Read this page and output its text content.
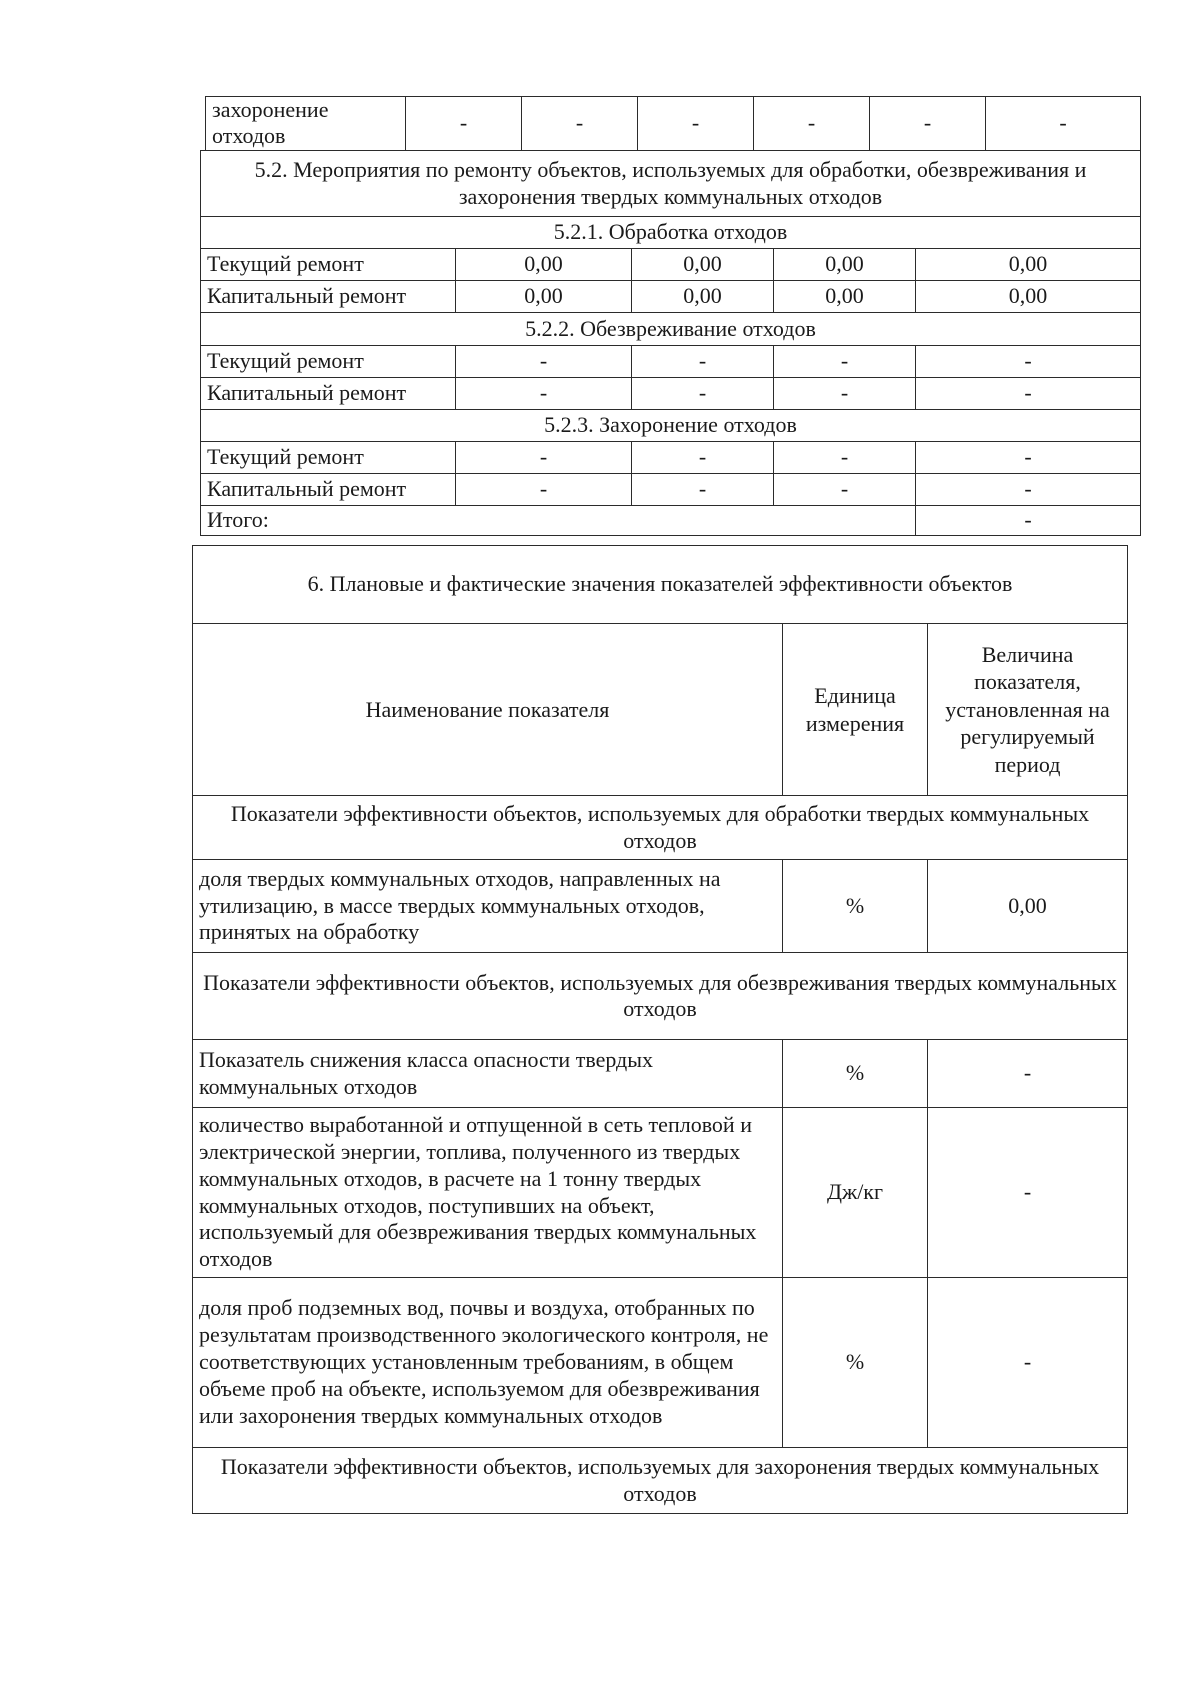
захоронение отходов	-	-	-	-	-	-
5.2. Мероприятия по ремонту объектов, используемых для обработки, обезвреживания и захоронения твердых коммунальных отходов				
5.2.1. Обработка отходов				
Текущий ремонт	0,00	0,00	0,00	0,00
Капитальный ремонт	0,00	0,00	0,00	0,00
5.2.2. Обезвреживание отходов				
Текущий ремонт	-	-	-	-
Капитальный ремонт	-	-	-	-
5.2.3. Захоронение отходов				
Текущий ремонт	-	-	-	-
Капитальный ремонт	-	-	-	-
Итого:				-
6. Плановые и фактические значения показателей эффективности объектов		
Наименование показателя	Единица измерения	Величина показателя, установленная на регулируемый период
Показатели эффективности объектов, используемых для обработки твердых коммунальных отходов		
доля твердых коммунальных отходов, направленных на утилизацию, в массе твердых коммунальных отходов, принятых на обработку	%	0,00
Показатели эффективности объектов, используемых для обезвреживания твердых коммунальных отходов		
Показатель снижения класса опасности твердых коммунальных отходов	%	-
количество выработанной и отпущенной в сеть тепловой и электрической энергии, топлива, полученного из твердых коммунальных отходов, в расчете на 1 тонну твердых коммунальных отходов, поступивших на объект, используемый для обезвреживания твердых коммунальных отходов	Дж/кг	-
доля проб подземных вод, почвы и воздуха, отобранных по результатам производственного экологического контроля, не соответствующих установленным требованиям, в общем объеме проб на объекте, используемом для обезвреживания или захоронения твердых коммунальных отходов	%	-
Показатели эффективности объектов, используемых для захоронения твердых коммунальных отходов		
